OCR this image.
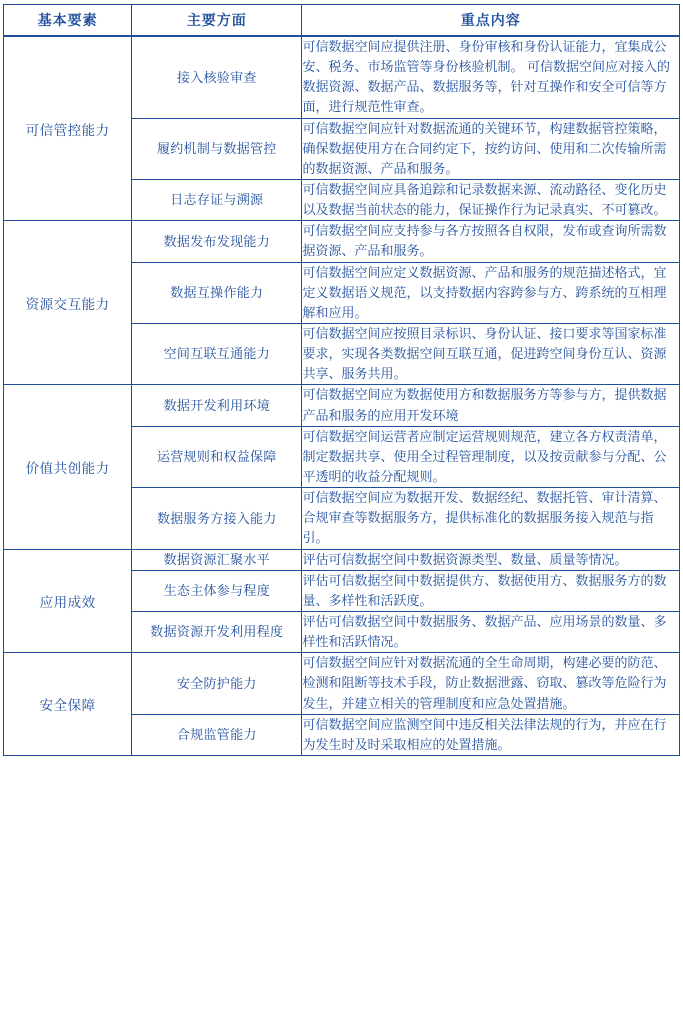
基本要素	主要方面	重点内容
可信管控能力	接入核验审查	可信数据空间应提供注册、身份审核和身份认证能力，宜集成公安、税务、市场监管等身份核验机制。 可信数据空间应对接入的数据资源、数据产品、数据服务等，针对互操作和安全可信等方面，进行规范性审查。
	履约机制与数据管控	可信数据空间应针对数据流通的关键环节，构建数据管控策略，确保数据使用方在合同约定下，按约访问、使用和二次传输所需的数据资源、产品和服务。
	日志存证与溯源	可信数据空间应具备追踪和记录数据来源、流动路径、变化历史以及数据当前状态的能力，保证操作行为记录真实、不可篡改。
资源交互能力	数据发布发现能力	可信数据空间应支持参与各方按照各自权限，发布或查询所需数据资源、产品和服务。
	数据互操作能力	可信数据空间应定义数据资源、产品和服务的规范描述格式，宜定义数据语义规范，以支持数据内容跨参与方、跨系统的互相理解和应用。
	空间互联互通能力	可信数据空间应按照目录标识、身份认证、接口要求等国家标准要求，实现各类数据空间互联互通，促进跨空间身份互认、资源共享、服务共用。
价值共创能力	数据开发利用环境	可信数据空间应为数据使用方和数据服务方等参与方，提供数据产品和服务的应用开发环境
	运营规则和权益保障	可信数据空间运营者应制定运营规则规范，建立各方权责清单，制定数据共享、使用全过程管理制度，以及按贡献参与分配、公平透明的收益分配规则。
	数据服务方接入能力	可信数据空间应为数据开发、数据经纪、数据托管、审计清算、合规审查等数据服务方，提供标准化的数据服务接入规范与指引。
应用成效	数据资源汇聚水平	评估可信数据空间中数据资源类型、数量、质量等情况。
	生态主体参与程度	评估可信数据空间中数据提供方、数据使用方、数据服务方的数量、多样性和活跃度。
	数据资源开发利用程度	评估可信数据空间中数据服务、数据产品、应用场景的数量、多样性和活跃情况。
安全保障	安全防护能力	可信数据空间应针对数据流通的全生命周期，构建必要的防范、检测和阻断等技术手段，防止数据泄露、窃取、篡改等危险行为发生，并建立相关的管理制度和应急处置措施。
	合规监管能力	可信数据空间应监测空间中违反相关法律法规的行为，并应在行为发生时及时采取相应的处置措施。
